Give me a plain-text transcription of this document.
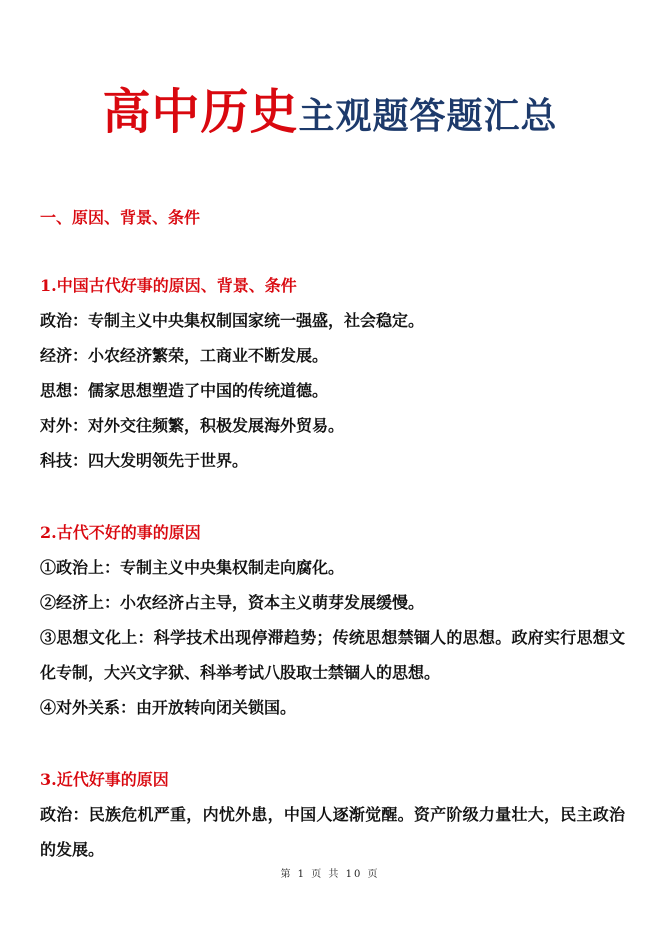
高中历史主观题答题汇总
一、原因、背景、条件
1.中国古代好事的原因、背景、条件
政治：专制主义中央集权制国家统一强盛，社会稳定。
经济：小农经济繁荣，工商业不断发展。
思想：儒家思想塑造了中国的传统道德。
对外：对外交往频繁，积极发展海外贸易。
科技：四大发明领先于世界。
2.古代不好的事的原因
①政治上：专制主义中央集权制走向腐化。
②经济上：小农经济占主导，资本主义萌芽发展缓慢。
③思想文化上：科学技术出现停滞趋势；传统思想禁锢人的思想。政府实行思想文化专制，大兴文字狱、科举考试八股取士禁锢人的思想。
④对外关系：由开放转向闭关锁国。
3.近代好事的原因
政治：民族危机严重，内忧外患，中国人逐渐觉醒。资产阶级力量壮大，民主政治的发展。
第 1 页 共 10 页
